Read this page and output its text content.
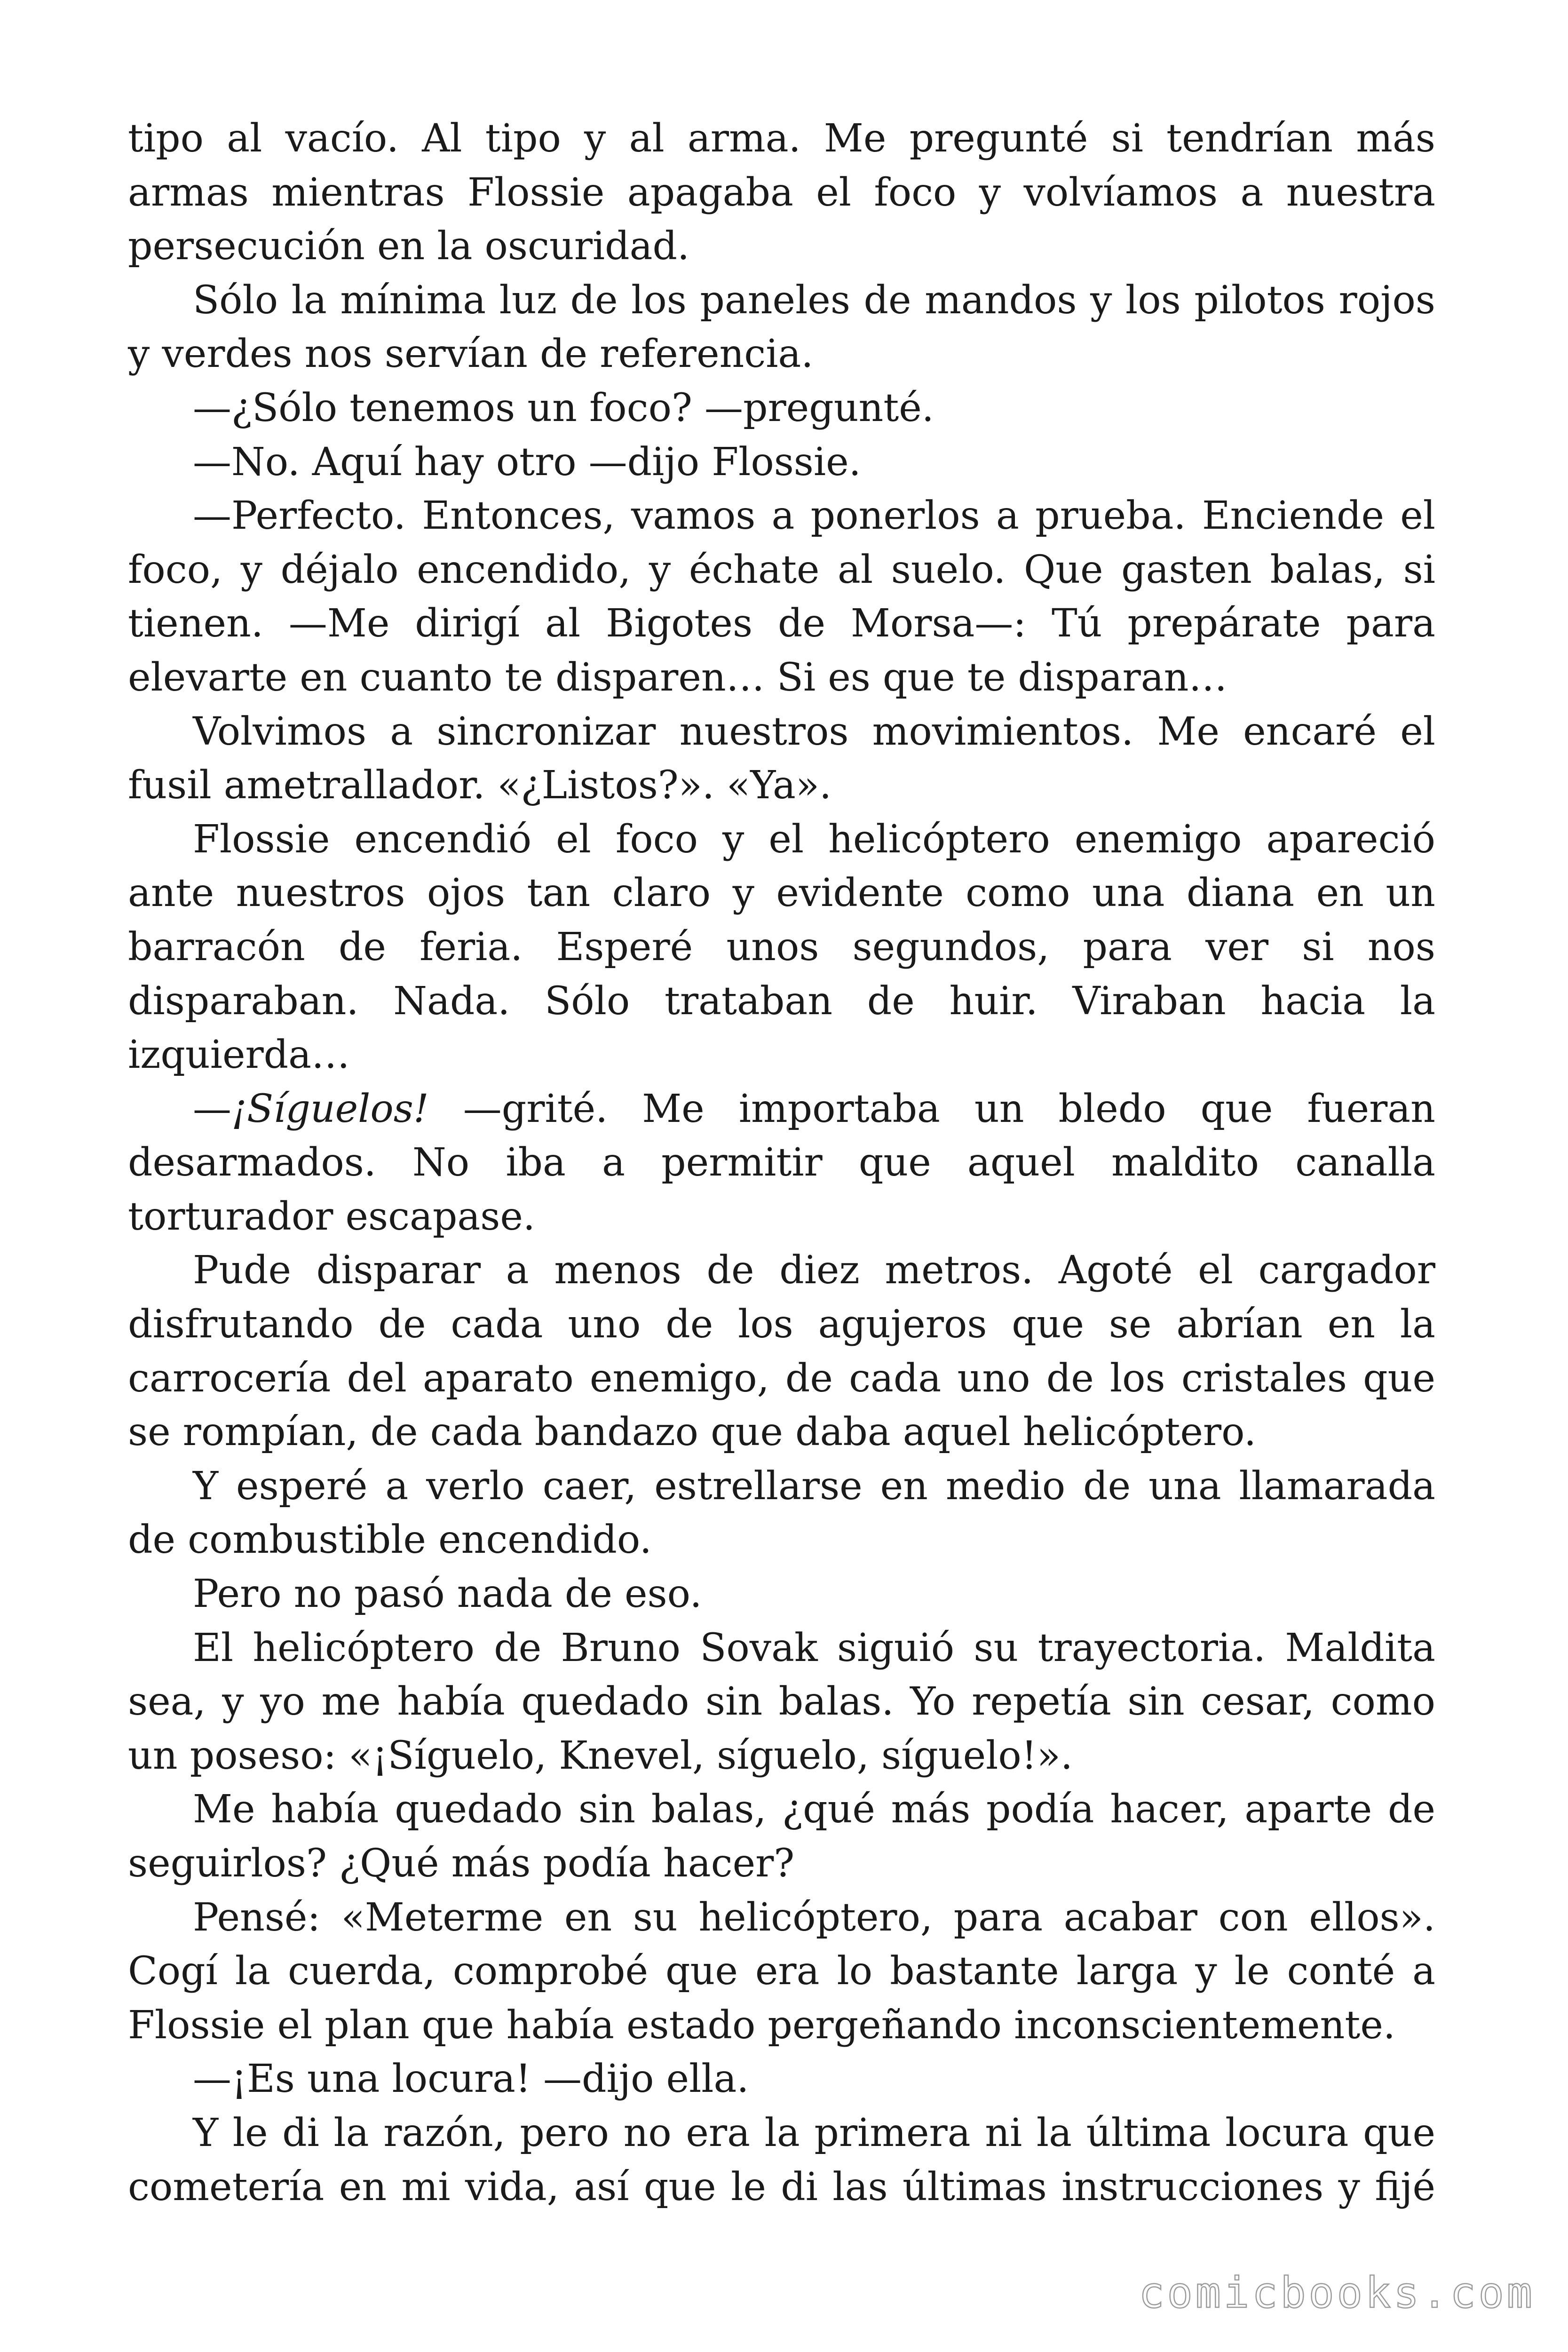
tipo al vacío. Al tipo y al arma. Me pregunté si tendrían más armas mientras Flossie apagaba el foco y volvíamos a nuestra persecución en la oscuridad.

Sólo la mínima luz de los paneles de mandos y los pilotos rojos y verdes nos servían de referencia.

—¿Sólo tenemos un foco? —pregunté.

—No. Aquí hay otro —dijo Flossie.

—Perfecto. Entonces, vamos a ponerlos a prueba. Enciende el foco, y déjalo encendido, y échate al suelo. Que gasten balas, si tienen. —Me dirigí al Bigotes de Morsa—: Tú prepárate para elevarte en cuanto te disparen… Si es que te disparan…

Volvimos a sincronizar nuestros movimientos. Me encaré el fusil ametrallador. «¿Listos?». «Ya».

Flossie encendió el foco y el helicóptero enemigo apareció ante nuestros ojos tan claro y evidente como una diana en un barracón de feria. Esperé unos segundos, para ver si nos disparaban. Nada. Sólo trataban de huir. Viraban hacia la izquierda…

—¡Síguelos! —grité. Me importaba un bledo que fueran desarmados. No iba a permitir que aquel maldito canalla torturador escapase.

Pude disparar a menos de diez metros. Agoté el cargador disfrutando de cada uno de los agujeros que se abrían en la carrocería del aparato enemigo, de cada uno de los cristales que se rompían, de cada bandazo que daba aquel helicóptero.

Y esperé a verlo caer, estrellarse en medio de una llamarada de combustible encendido.

Pero no pasó nada de eso.

El helicóptero de Bruno Sovak siguió su trayectoria. Maldita sea, y yo me había quedado sin balas. Yo repetía sin cesar, como un poseso: «¡Síguelo, Knevel, síguelo, síguelo!».

Me había quedado sin balas, ¿qué más podía hacer, aparte de seguirlos? ¿Qué más podía hacer?

Pensé: «Meterme en su helicóptero, para acabar con ellos». Cogí la cuerda, comprobé que era lo bastante larga y le conté a Flossie el plan que había estado pergeñando inconscientemente.

—¡Es una locura! —dijo ella.

Y le di la razón, pero no era la primera ni la última locura que cometería en mi vida, así que le di las últimas instrucciones y fijé

comicbooks.com
